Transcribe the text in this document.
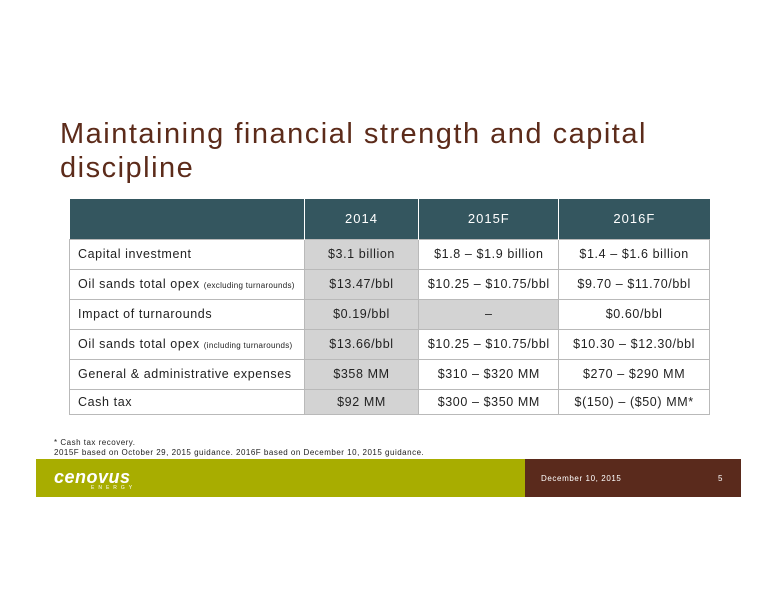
Maintaining financial strength and capital discipline
	2014	2015F	2016F
Capital investment	$3.1 billion	$1.8 – $1.9 billion	$1.4 – $1.6 billion
Oil sands total opex (excluding turnarounds)	$13.47/bbl	$10.25 – $10.75/bbl	$9.70 – $11.70/bbl
Impact of turnarounds	$0.19/bbl	–	$0.60/bbl
Oil sands total opex (including turnarounds)	$13.66/bbl	$10.25 – $10.75/bbl	$10.30 – $12.30/bbl
General & administrative expenses	$358 MM	$310 – $320 MM	$270 – $290 MM
Cash tax	$92 MM	$300 – $350 MM	$(150) – ($50) MM*
* Cash tax recovery.
2015F based on October 29, 2015 guidance. 2016F based on December 10, 2015 guidance.
cenovus
ENERGY
December 10, 2015	5
